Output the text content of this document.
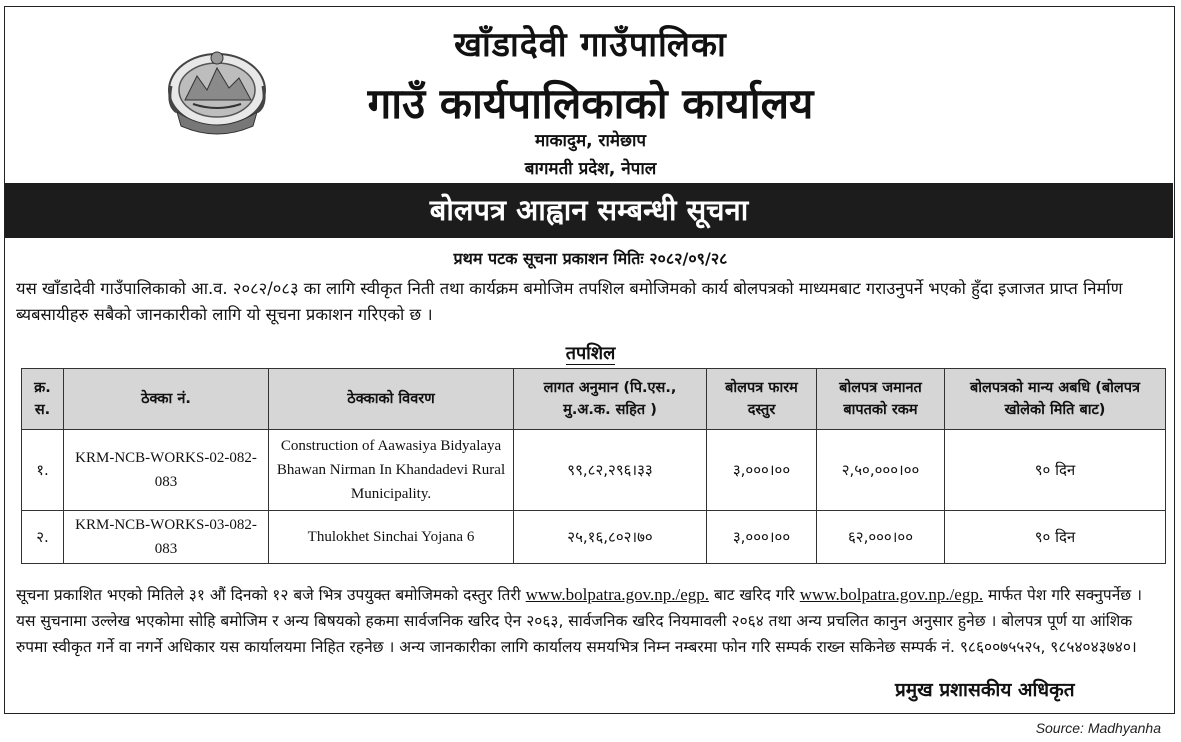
खाँडादेवी गाउँपालिका
गाउँ कार्यपालिकाको कार्यालय
माकादुम, रामेछाप
बागमती प्रदेश, नेपाल
बोलपत्र आह्वान सम्बन्धी सूचना
प्रथम पटक सूचना प्रकाशन मितिः २०८२/०९/२८
यस खाँडादेवी गाउँपालिकाको आ.व. २०८२/०८३ का लागि स्वीकृत निती तथा कार्यक्रम बमोजिम तपशिल बमोजिमको कार्य बोलपत्रको माध्यमबाट गराउनुपर्ने भएको हुँदा इजाजत प्राप्त निर्माण ब्यबसायीहरु सबैको जानकारीको लागि यो सूचना प्रकाशन गरिएको छ ।
तपशिल
क्र. स.	ठेक्का नं.	ठेक्काको विवरण	लागत अनुमान (पि.एस., मु.अ.क. सहित )	बोलपत्र फारम दस्तुर	बोलपत्र जमानत बापतको रकम	बोलपत्रको मान्य अबधि (बोलपत्र खोलेको मिति बाट)
१.	KRM-NCB-WORKS-02-082-083	Construction of Aawasiya Bidyalaya Bhawan Nirman In Khandadevi Rural Municipality.	९९,८२,२९६।३३	३,०००।००	२,५०,०००।००	९० दिन
२.	KRM-NCB-WORKS-03-082-083	Thulokhet Sinchai Yojana 6	२५,१६,८०२।७०	३,०००।००	६२,०००।००	९० दिन
सूचना प्रकाशित भएको मितिले ३१ औं दिनको १२ बजे भित्र उपयुक्त बमोजिमको दस्तुर तिरी www.bolpatra.gov.np./egp. बाट खरिद गरि www.bolpatra.gov.np./egp. मार्फत पेश गरि सक्नुपर्नेछ । यस सुचनामा उल्लेख भएकोमा सोहि बमोजिम र अन्य बिषयको हकमा सार्वजनिक खरिद ऐन २०६३, सार्वजनिक खरिद नियमावली २०६४ तथा अन्य प्रचलित कानुन अनुसार हुनेछ । बोलपत्र पूर्ण या आंशिक रुपमा स्वीकृत गर्ने वा नगर्ने अधिकार यस कार्यालयमा निहित रहनेछ । अन्य जानकारीका लागि कार्यालय समयभित्र निम्न नम्बरमा फोन गरि सम्पर्क राख्न सकिनेछ सम्पर्क नं. ९८६००७५५२५, ९८५४०४३७४०।
प्रमुख प्रशासकीय अधिकृत
Source: Madhyanha
